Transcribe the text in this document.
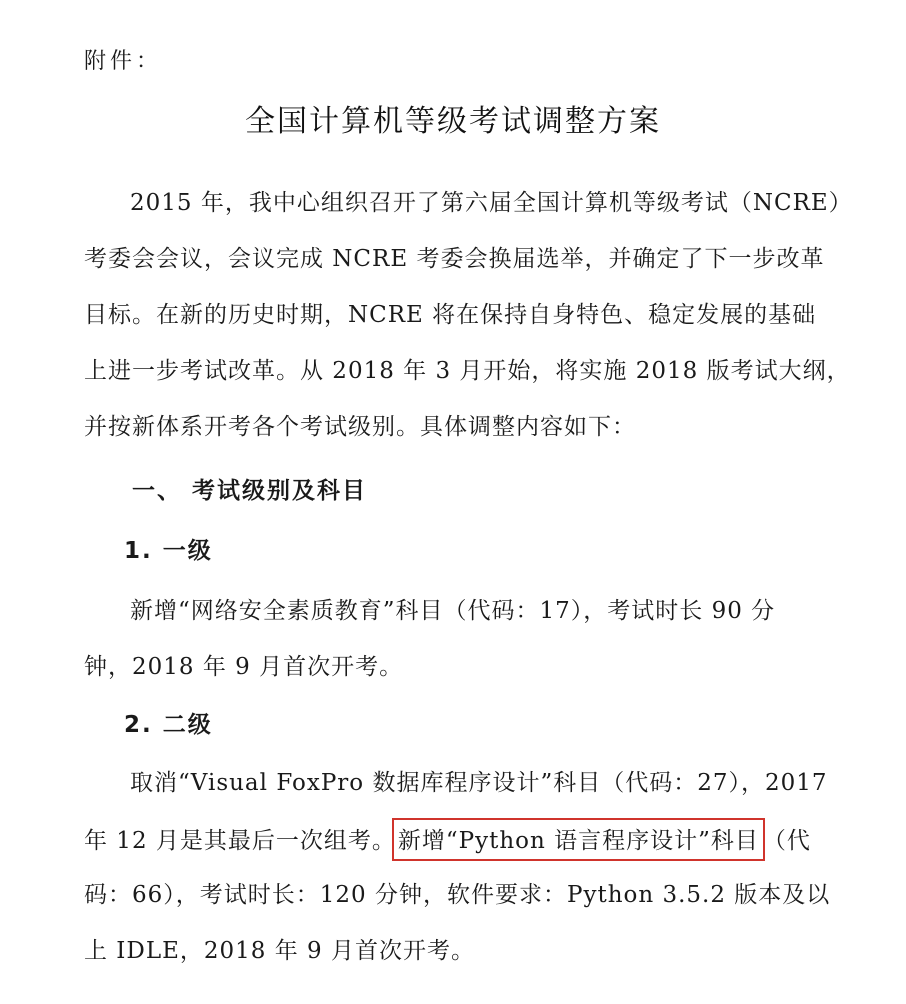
附件：
全国计算机等级考试调整方案
2015 年，我中心组织召开了第六届全国计算机等级考试（NCRE）
考委会会议，会议完成 NCRE 考委会换届选举，并确定了下一步改革
目标。在新的历史时期，NCRE 将在保持自身特色、稳定发展的基础
上进一步考试改革。从 2018 年 3 月开始，将实施 2018 版考试大纲，
并按新体系开考各个考试级别。具体调整内容如下：
一、 考试级别及科目
1. 一级
新增“网络安全素质教育”科目（代码：17），考试时长 90 分
钟，2018 年 9 月首次开考。
2. 二级
取消“Visual FoxPro 数据库程序设计”科目（代码：27），2017
年 12 月是其最后一次组考。新增“Python 语言程序设计”科目 （代
码：66），考试时长：120 分钟，软件要求：Python 3.5.2 版本及以
上 IDLE，2018 年 9 月首次开考。
